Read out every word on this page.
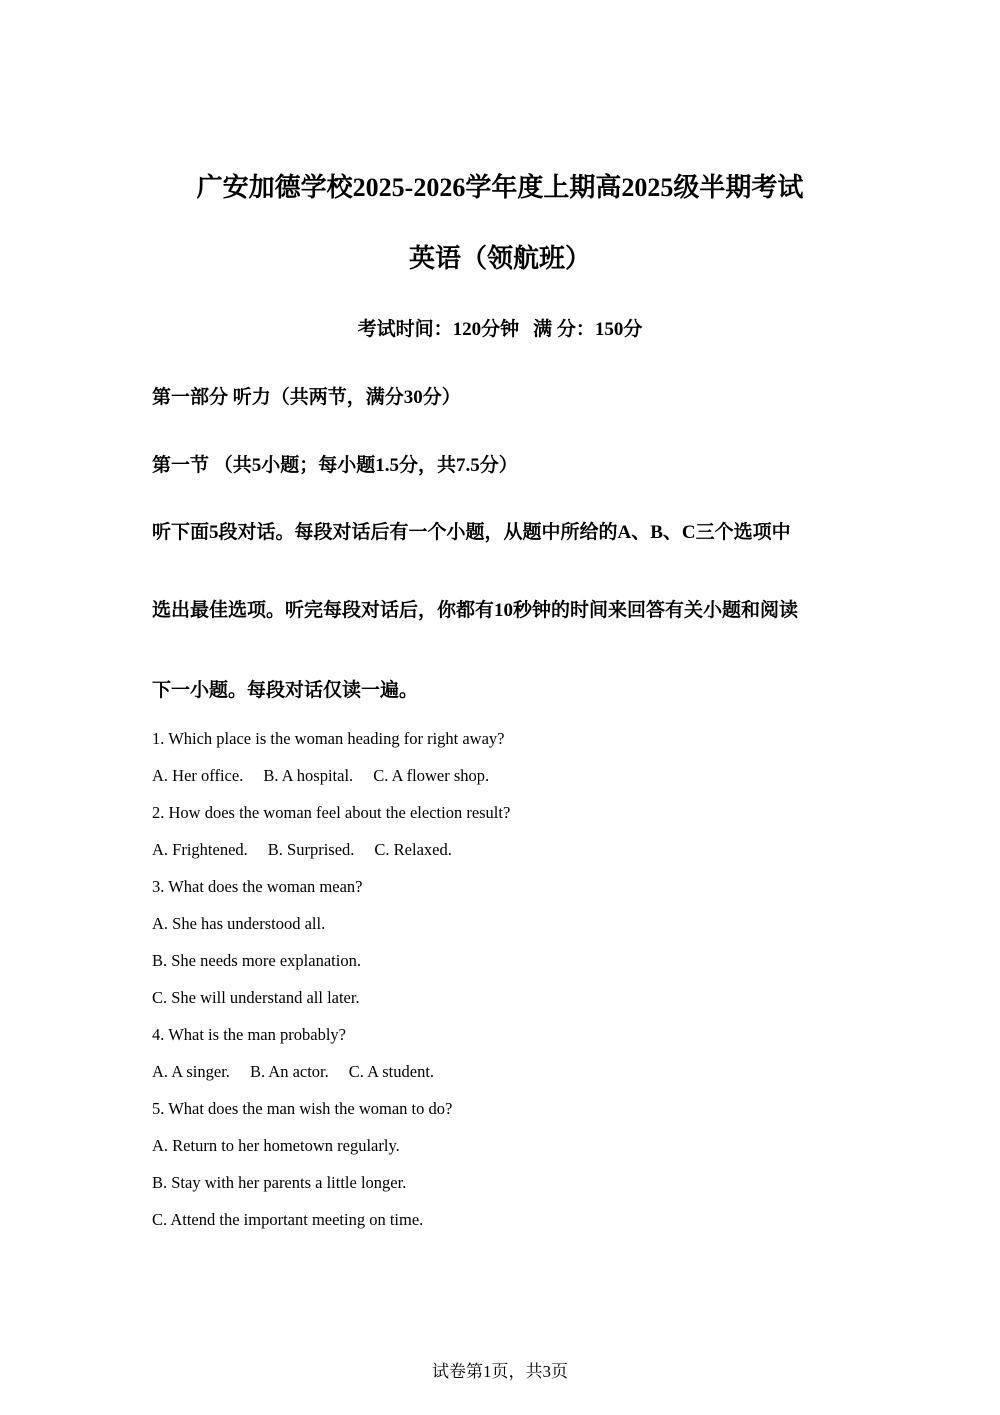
广安加德学校2025-2026学年度上期高2025级半期考试
英语（领航班）
考试时间：120分钟 满 分：150分
第一部分 听力（共两节，满分30分）
第一节 （共5小题；每小题1.5分，共7.5分）
听下面5段对话。每段对话后有一个小题，从题中所给的A、B、C三个选项中
选出最佳选项。听完每段对话后，你都有10秒钟的时间来回答有关小题和阅读
下一小题。每段对话仅读一遍。
1. Which place is the woman heading for right away?
A. Her office. B. A hospital. C. A flower shop.
2. How does the woman feel about the election result?
A. Frightened. B. Surprised. C. Relaxed.
3. What does the woman mean?
A. She has understood all.
B. She needs more explanation.
C. She will understand all later.
4. What is the man probably?
A. A singer. B. An actor. C. A student.
5. What does the man wish the woman to do?
A. Return to her hometown regularly.
B. Stay with her parents a little longer.
C. Attend the important meeting on time.
试卷第1页，共3页
